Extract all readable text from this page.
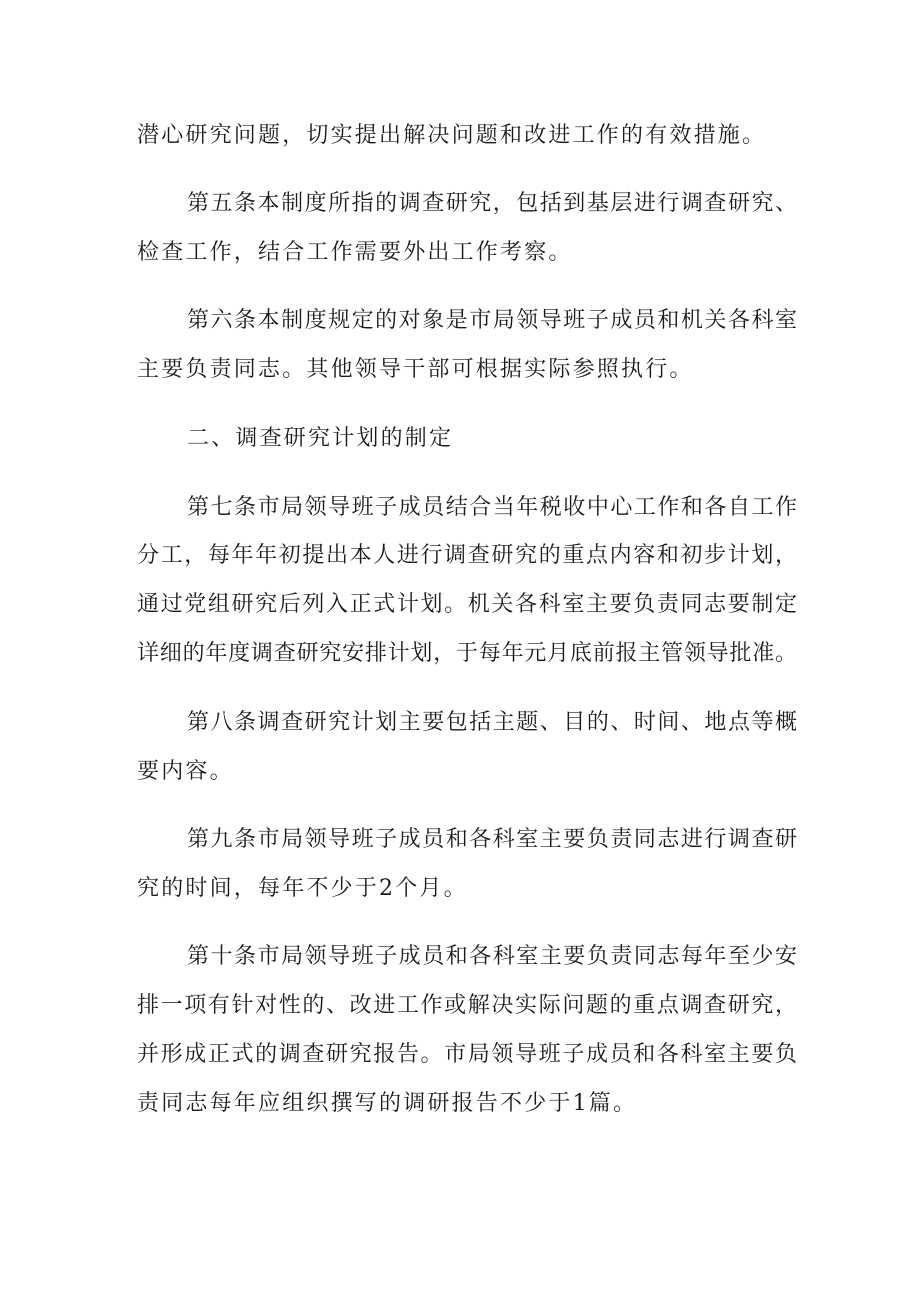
潜心研究问题，切实提出解决问题和改进工作的有效措施。
第五条本制度所指的调查研究，包括到基层进行调查研究、
检查工作，结合工作需要外出工作考察。
第六条本制度规定的对象是市局领导班子成员和机关各科室
主要负责同志。其他领导干部可根据实际参照执行。
二、调查研究计划的制定
第七条市局领导班子成员结合当年税收中心工作和各自工作
分工，每年年初提出本人进行调查研究的重点内容和初步计划，
通过党组研究后列入正式计划。机关各科室主要负责同志要制定
详细的年度调查研究安排计划，于每年元月底前报主管领导批准。
第八条调查研究计划主要包括主题、目的、时间、地点等概
要内容。
第九条市局领导班子成员和各科室主要负责同志进行调查研
究的时间，每年不少于2个月。
第十条市局领导班子成员和各科室主要负责同志每年至少安
排一项有针对性的、改进工作或解决实际问题的重点调查研究，
并形成正式的调查研究报告。市局领导班子成员和各科室主要负
责同志每年应组织撰写的调研报告不少于1篇。
